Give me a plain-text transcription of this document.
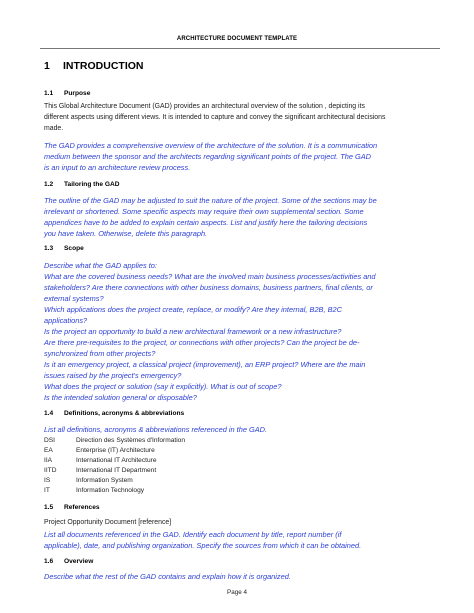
ARCHITECTURE DOCUMENT TEMPLATE
1 INTRODUCTION
1.1 Purpose
This Global Architecture Document (GAD) provides an architectural overview of the solution , depicting its
different aspects using different views. It is intended to capture and convey the significant architectural decisions
made.
The GAD provides a comprehensive overview of the architecture of the solution. It is a communication
medium between the sponsor and the architects regarding significant points of the project. The GAD
is an input to an architecture review process.
1.2 Tailoring the GAD
The outline of the GAD may be adjusted to suit the nature of the project. Some of the sections may be
irrelevant or shortened. Some specific aspects may require their own supplemental section. Some
appendices have to be added to explain certain aspects. List and justify here the tailoring decisions
you have taken. Otherwise, delete this paragraph.
1.3 Scope
Describe what the GAD applies to:
What are the covered business needs? What are the involved main business processes/activities and
stakeholders? Are there connections with other business domains, business partners, final clients, or
external systems?
Which applications does the project create, replace, or modify? Are they internal, B2B, B2C
applications?
Is the project an opportunity to build a new architectural framework or a new infrastructure?
Are there pre-requisites to the project, or connections with other projects? Can the project be de-
synchronized from other projects?
Is it an emergency project, a classical project (improvement), an ERP project? Where are the main
issues raised by the project's emergency?
What does the project or solution (say it explicitly). What is out of scope?
Is the intended solution general or disposable?
1.4 Definitions, acronyms & abbreviations
List all definitions, acronyms & abbreviations referenced in the GAD.
DSI	Direction des Systèmes d'Information
EA	Enterprise (IT) Architecture
IIA	International IT Architecture
IITD	International IT Department
IS	Information System
IT	Information Technology
1.5 References
Project Opportunity Document [reference]
List all documents referenced in the GAD. Identify each document by title, report number (if
applicable), date, and publishing organization. Specify the sources from which it can be obtained.
1.6 Overview
Describe what the rest of the GAD contains and explain how it is organized.
Page 4
